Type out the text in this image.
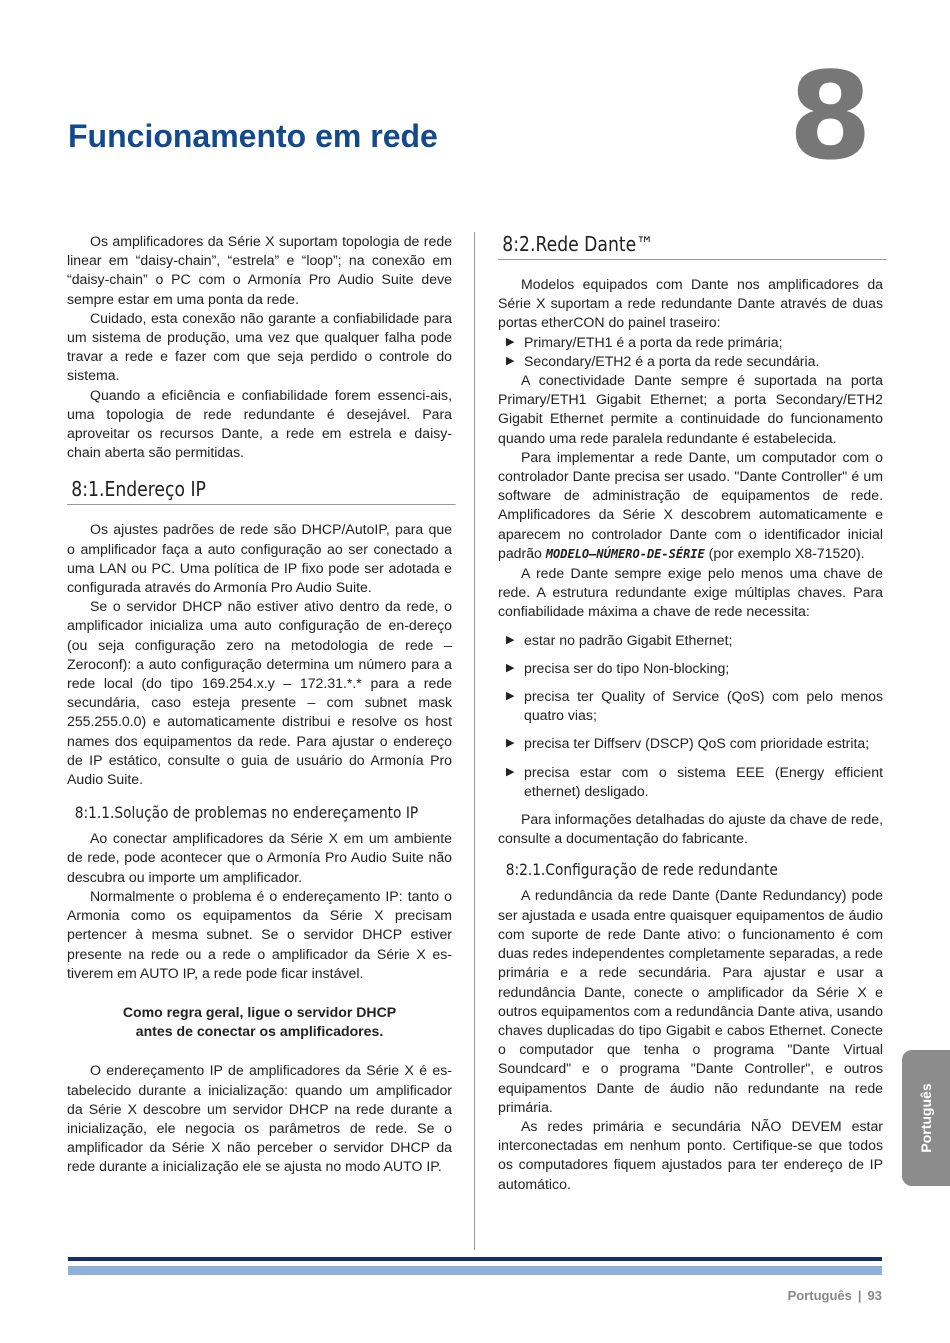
Funcionamento em rede	8

Os amplificadores da Série X suportam topologia de rede linear em “daisy-chain”, “estrela” e “loop”; na conexão em “daisy-chain” o PC com o Armonía Pro Audio Suite deve sempre estar em uma ponta da rede.

Cuidado, esta conexão não garante a confiabilidade para um sistema de produção, uma vez que qualquer falha pode travar a rede e fazer com que seja perdido o controle do sistema.

Quando a eficiência e confiabilidade forem essenci-ais, uma topologia de rede redundante é desejável. Para aproveitar os recursos Dante, a rede em estrela e daisy-chain aberta são permitidas.

8:1.Endereço IP

Os ajustes padrões de rede são DHCP/AutoIP, para que o amplificador faça a auto configuração ao ser conectado a uma LAN ou PC. Uma política de IP fixo pode ser adotada e configurada através do Armonía Pro Audio Suite.

Se o servidor DHCP não estiver ativo dentro da rede, o amplificador inicializa uma auto configuração de en-dereço (ou seja configuração zero na metodologia de rede – Zeroconf): a auto configuração determina um número para a rede local (do tipo 169.254.x.y – 172.31.*.* para a rede secundária, caso esteja presente – com subnet mask 255.255.0.0) e automaticamente distribui e resolve os host names dos equipamentos da rede. Para ajustar o endereço de IP estático, consulte o guia de usuário do Armonía Pro Audio Suite.

8:1.1.Solução de problemas no endereçamento IP

Ao conectar amplificadores da Série X em um ambiente de rede, pode acontecer que o Armonía Pro Audio Suite não descubra ou importe um amplificador.

Normalmente o problema é o endereçamento IP: tanto o Armonia como os equipamentos da Série X precisam pertencer à mesma subnet. Se o servidor DHCP estiver presente na rede ou a rede o amplificador da Série X es-tiverem em AUTO IP, a rede pode ficar instável.

Como regra geral, ligue o servidor DHCP
antes de conectar os amplificadores.

O endereçamento IP de amplificadores da Série X é es-tabelecido durante a inicialização: quando um amplificador da Série X descobre um servidor DHCP na rede durante a inicialização, ele negocia os parâmetros de rede. Se o amplificador da Série X não perceber o servidor DHCP da rede durante a inicialização ele se ajusta no modo AUTO IP.

8:2.Rede Dante™

Modelos equipados com Dante nos amplificadores da Série X suportam a rede redundante Dante através de duas portas etherCON do painel traseiro:

▶ Primary/ETH1 é a porta da rede primária;
▶ Secondary/ETH2 é a porta da rede secundária.

A conectividade Dante sempre é suportada na porta Primary/ETH1 Gigabit Ethernet; a porta Secondary/ETH2 Gigabit Ethernet permite a continuidade do funcionamento quando uma rede paralela redundante é estabelecida.

Para implementar a rede Dante, um computador com o controlador Dante precisa ser usado. "Dante Controller" é um software de administração de equipamentos de rede. Amplificadores da Série X descobrem automaticamente e aparecem no controlador Dante com o identificador inicial padrão MODELO–NÚMERO-DE-SÉRIE (por exemplo X8-71520).

A rede Dante sempre exige pelo menos uma chave de rede. A estrutura redundante exige múltiplas chaves. Para confiabilidade máxima a chave de rede necessita:

▶ estar no padrão Gigabit Ethernet;
▶ precisa ser do tipo Non-blocking;
▶ precisa ter Quality of Service (QoS) com pelo menos quatro vias;
▶ precisa ter Diffserv (DSCP) QoS com prioridade estrita;
▶ precisa estar com o sistema EEE (Energy efficient ethernet) desligado.

Para informações detalhadas do ajuste da chave de rede, consulte a documentação do fabricante.

8:2.1.Configuração de rede redundante

A redundância da rede Dante (Dante Redundancy) pode ser ajustada e usada entre quaisquer equipamentos de áudio com suporte de rede Dante ativo: o funcionamento é com duas redes independentes completamente separadas, a rede primária e a rede secundária. Para ajustar e usar a redundância Dante, conecte o amplificador da Série X e outros equipamentos com a redundância Dante ativa, usando chaves duplicadas do tipo Gigabit e cabos Ethernet. Conecte o computador que tenha o programa "Dante Virtual Soundcard" e o programa "Dante Controller", e outros equipamentos Dante de áudio não redundante na rede primária.

As redes primária e secundária NÃO DEVEM estar interconectadas em nenhum ponto. Certifique-se que todos os computadores fiquem ajustados para ter endereço de IP automático.

Português
Português | 93
